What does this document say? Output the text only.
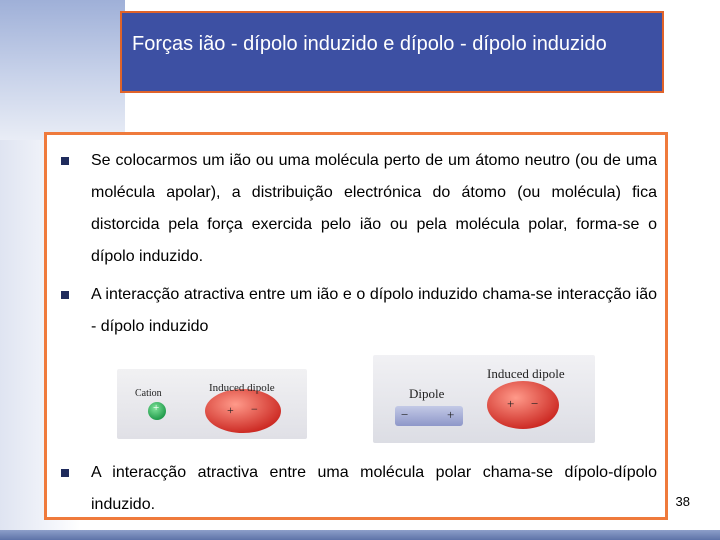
Forças ião - dípolo induzido e dípolo - dípolo induzido
Se colocarmos um ião ou uma molécula perto de um átomo neutro (ou de uma molécula apolar), a distribuição electrónica do átomo (ou molécula) fica distorcida pela força exercida pelo ião ou pela molécula polar, forma-se o dípolo induzido.
A interacção atractiva entre um ião e o dípolo induzido chama-se interacção ião - dípolo induzido
Cation	Induced dipole
+	+ −
Dipole
Induced dipole
−	+
+ −
A interacção atractiva entre uma molécula polar chama-se dípolo-dípolo induzido.	38
